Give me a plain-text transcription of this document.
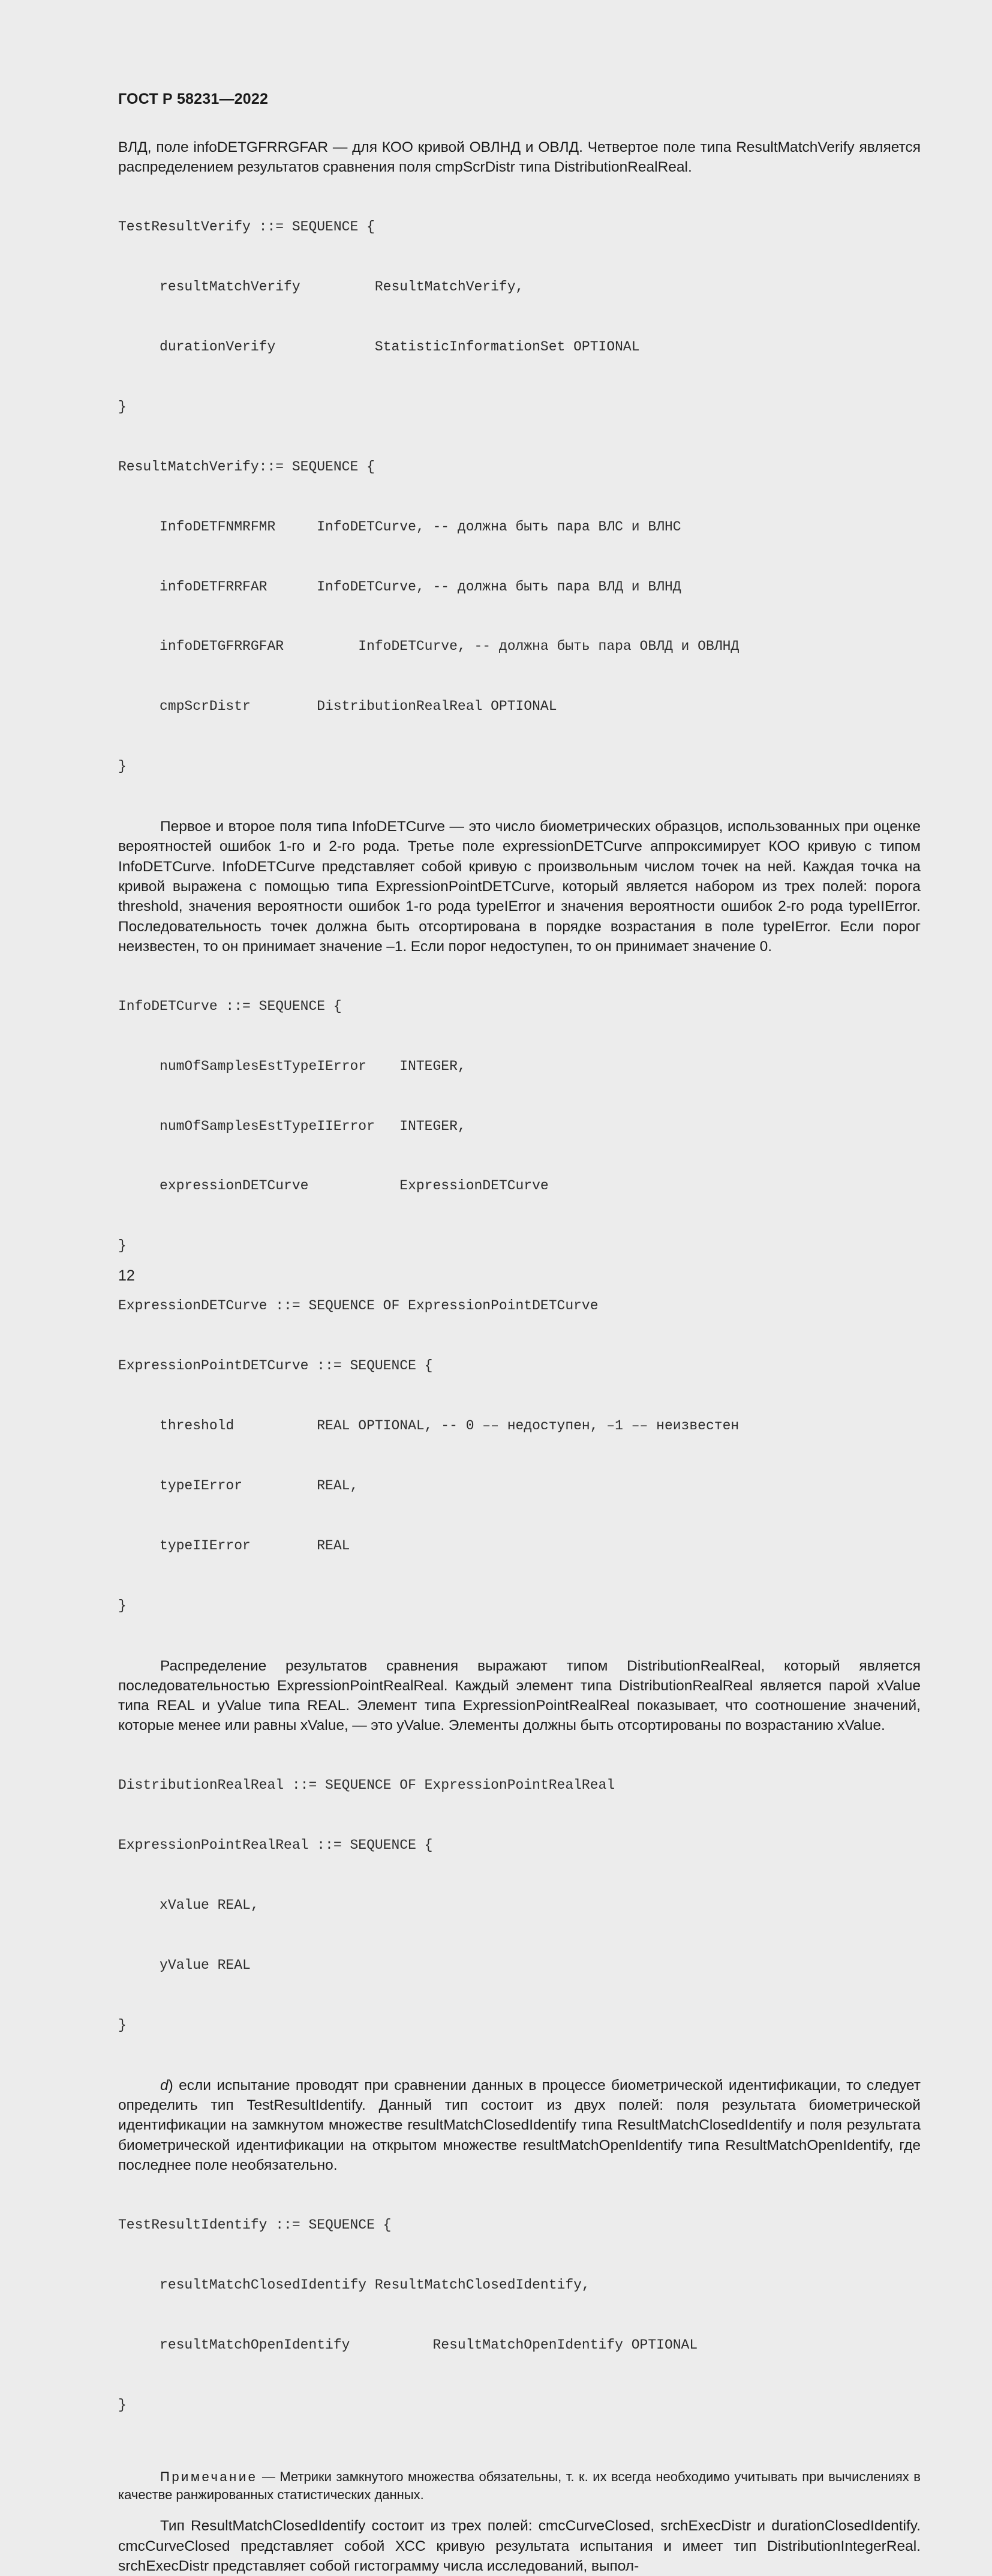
ГОСТ Р 58231—2022

ВЛД, поле infoDETGFRRGFAR — для КОО кривой ОВЛНД и ОВЛД. Четвертое поле типа ResultMatchVerify является распределением результатов сравнения поля cmpScrDistr типа DistributionRealReal.

TestResultVerify ::= SEQUENCE {

resultMatchVerify         ResultMatchVerify,

durationVerify            StatisticInformationSet OPTIONAL

}

ResultMatchVerify::= SEQUENCE {

InfoDETFNMRFMR     InfoDETCurve, -- должна быть пара ВЛС и ВЛНС

infoDETFRRFAR      InfoDETCurve, -- должна быть пара ВЛД и ВЛНД

infoDETGFRRGFAR         InfoDETCurve, -- должна быть пара ОВЛД и ОВЛНД

cmpScrDistr        DistributionRealReal OPTIONAL

}

Первое и второе поля типа InfoDETCurve — это число биометрических образцов, использованных при оценке вероятностей ошибок 1-го и 2-го рода. Третье поле expressionDETCurve аппроксимирует КОО кривую с типом InfoDETCurve. InfoDETCurve представляет собой кривую с произвольным числом точек на ней. Каждая точка на кривой выражена с помощью типа ExpressionPointDETCurve, который является набором из трех полей: порога threshold, значения вероятности ошибок 1-го рода typeIError и значения вероятности ошибок 2-го рода typeIIError. Последовательность точек должна быть отсортирована в порядке возрастания в поле typeIError. Если порог неизвестен, то он принимает значение –1. Если порог недоступен, то он принимает значение 0.

InfoDETCurve ::= SEQUENCE {

numOfSamplesEstTypeIError    INTEGER,

numOfSamplesEstTypeIIError   INTEGER,

expressionDETCurve           ExpressionDETCurve

}

ExpressionDETCurve ::= SEQUENCE OF ExpressionPointDETCurve

ExpressionPointDETCurve ::= SEQUENCE {

threshold          REAL OPTIONAL, -- 0 –– недоступен, –1 –– неизвестен

typeIError         REAL,

typeIIError        REAL

}

Распределение результатов сравнения выражают типом DistributionRealReal, который является последовательностью ExpressionPointRealReal. Каждый элемент типа DistributionRealReal является парой xValue типа REAL и yValue типа REAL. Элемент типа ExpressionPointRealReal показывает, что соотношение значений, которые менее или равны xValue, — это yValue. Элементы должны быть отсортированы по возрастанию xValue.

DistributionRealReal ::= SEQUENCE OF ExpressionPointRealReal

ExpressionPointRealReal ::= SEQUENCE {

xValue REAL,

yValue REAL

}

d) если испытание проводят при сравнении данных в процессе биометрической идентификации, то следует определить тип TestResultIdentify. Данный тип состоит из двух полей: поля результата биометрической идентификации на замкнутом множестве resultMatchClosedIdentify типа ResultMatchClosedIdentify и поля результата биометрической идентификации на открытом множестве resultMatchOpenIdentify типа ResultMatchOpenIdentify, где последнее поле необязательно.

TestResultIdentify ::= SEQUENCE {

resultMatchClosedIdentify ResultMatchClosedIdentify,

resultMatchOpenIdentify          ResultMatchOpenIdentify OPTIONAL

}

Примечание — Метрики замкнутого множества обязательны, т. к. их всегда необходимо учитывать при вычислениях в качестве ранжированных статистических данных.

Тип ResultMatchClosedIdentify состоит из трех полей: cmcCurveClosed, srchExecDistr и durationClosedIdentify. cmcCurveClosed представляет собой ХСС кривую результата испытания и имеет тип DistributionIntegerReal. srchExecDistr представляет собой гистограмму числа исследований, выпол-

12
